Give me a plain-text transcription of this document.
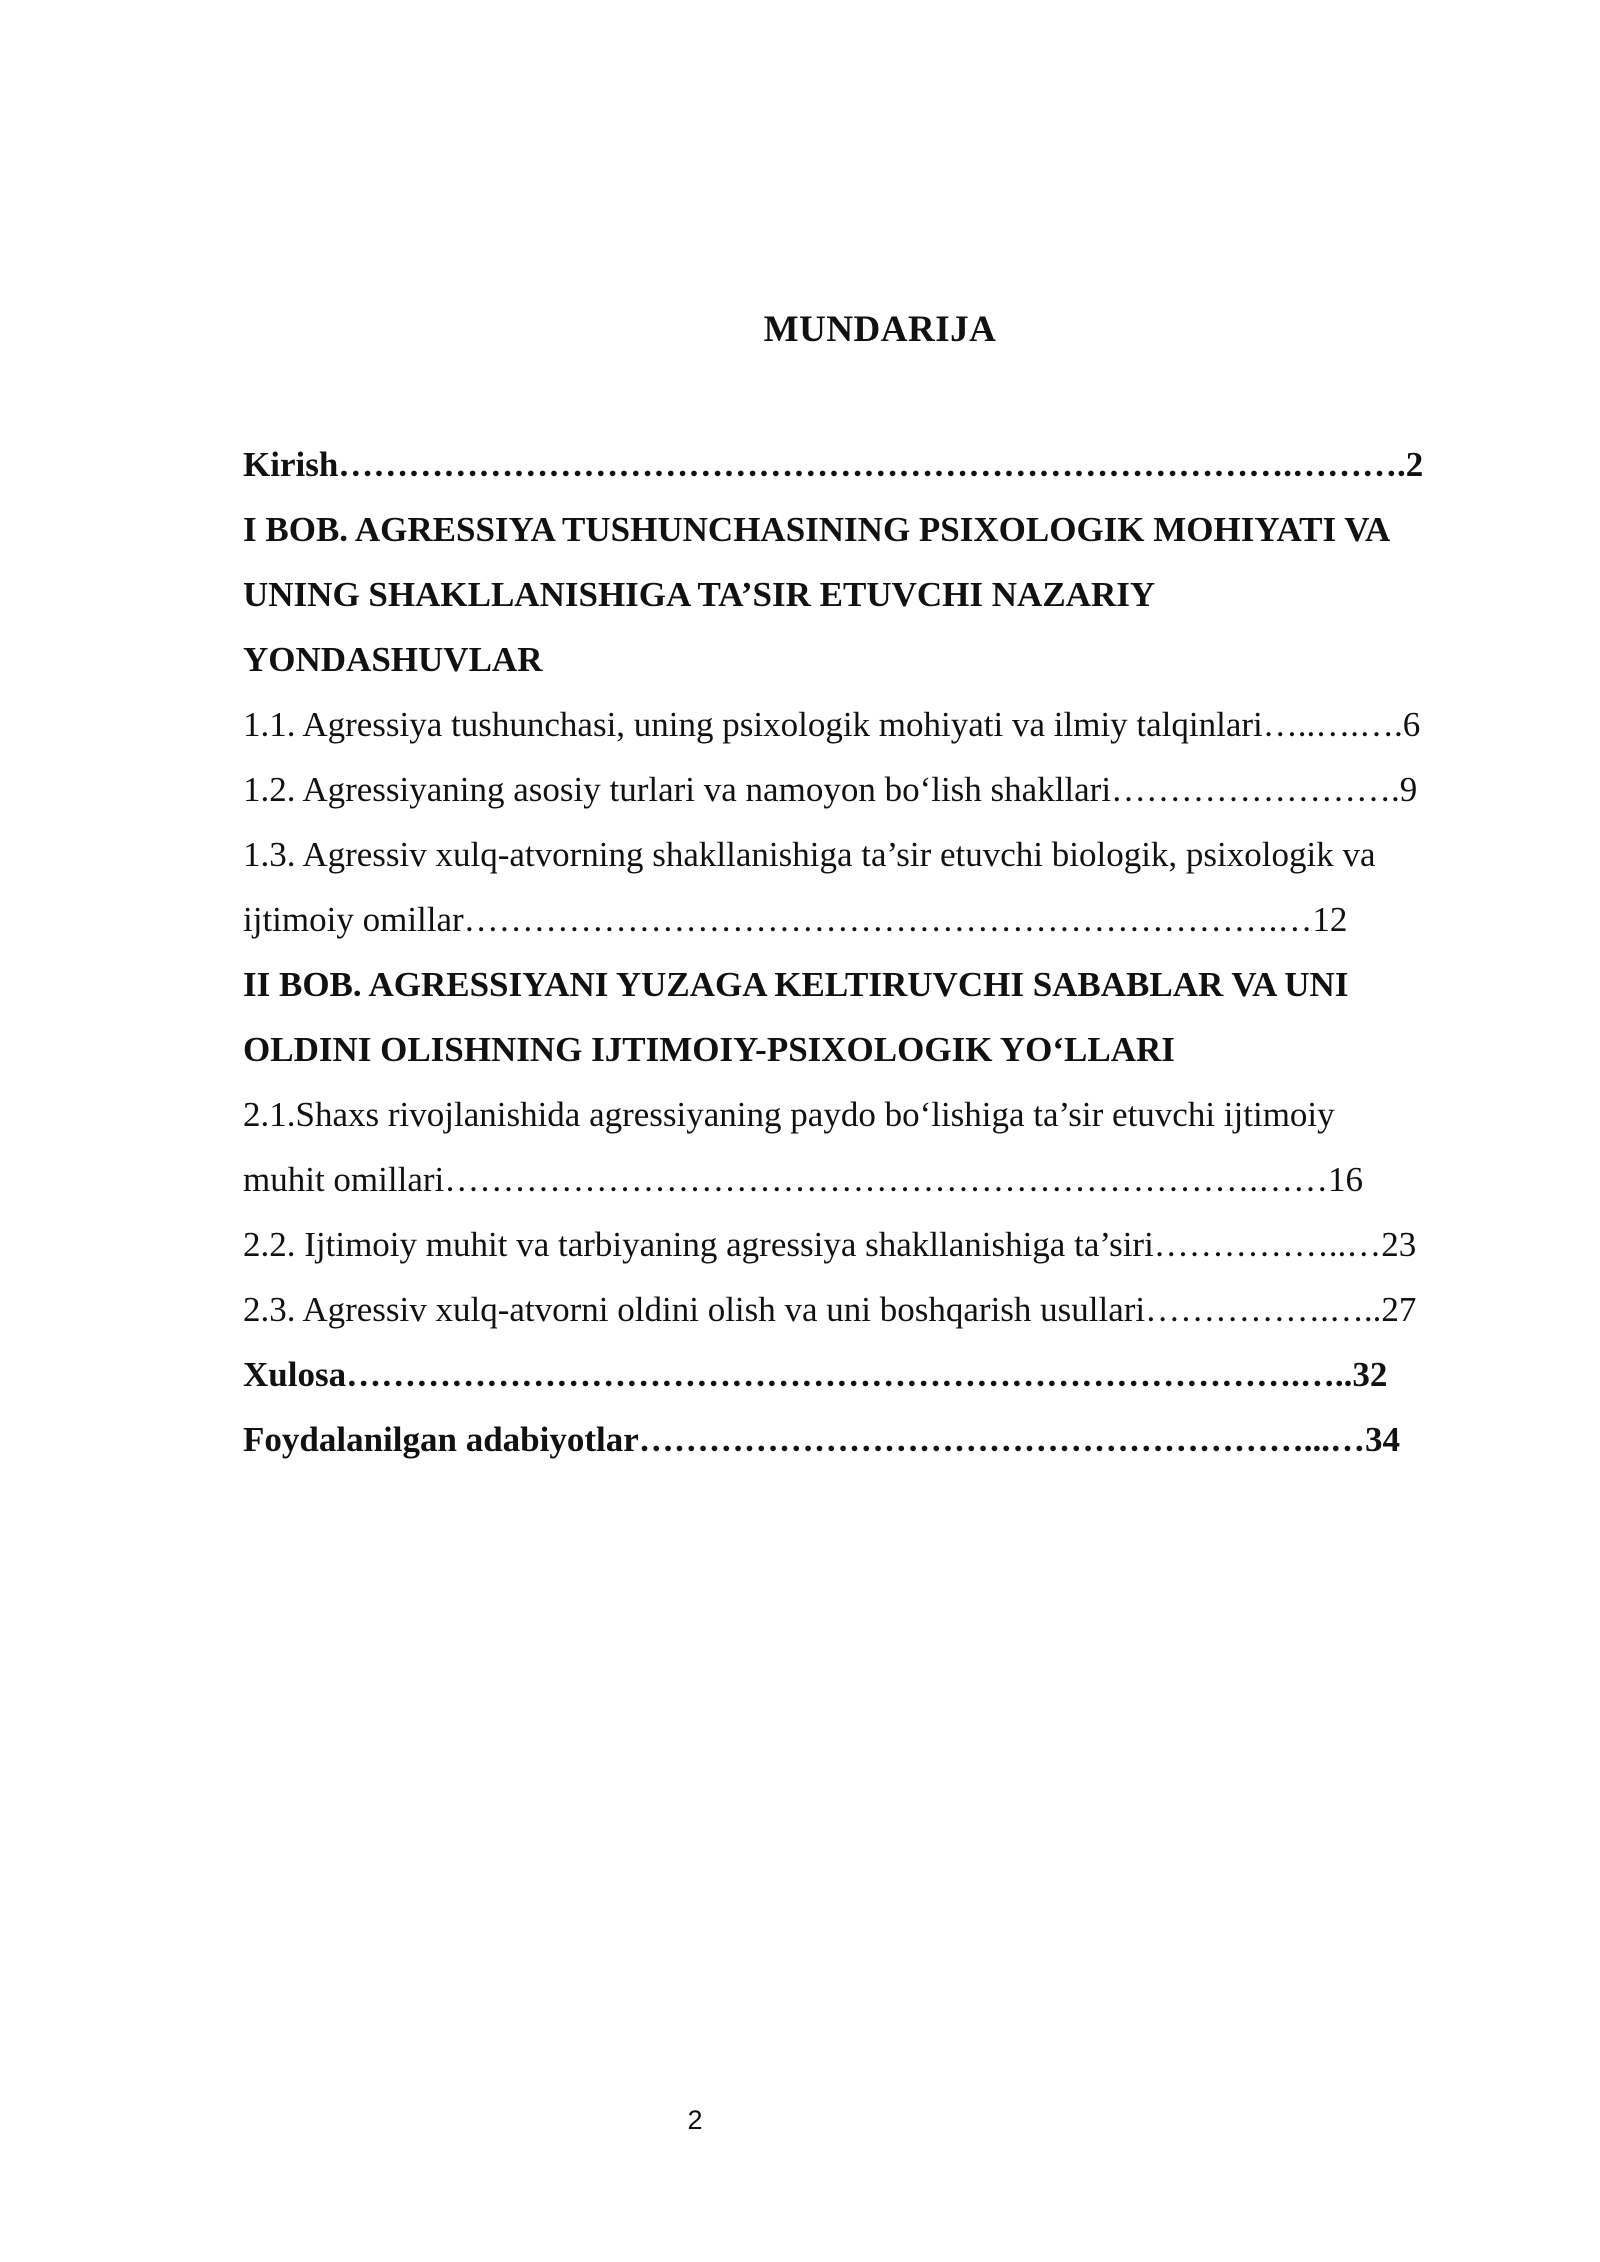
MUNDARIJA
Kirish……………………………………………………………………….……….2
I BOB. AGRESSIYA TUSHUNCHASINING PSIXOLOGIK MOHIYATI VA
UNING SHAKLLANISHIGA TA’SIR ETUVCHI NAZARIY
YONDASHUVLAR
1.1. Agressiya tushunchasi, uning psixologik mohiyati va ilmiy talqinlari…..….….6
1.2. Agressiyaning asosiy turlari va namoyon bo‘lish shakllari…………………….9
1.3. Agressiv xulq-atvorning shakllanishiga ta’sir etuvchi biologik, psixologik va
ijtimoiy omillar…………………………………………………………….…12
II BOB. AGRESSIYANI YUZAGA KELTIRUVCHI SABABLAR VA UNI
OLDINI OLISHNING IJTIMOIY-PSIXOLOGIK YO‘LLARI
2.1.Shaxs rivojlanishida agressiyaning paydo bo‘lishiga ta’sir etuvchi ijtimoiy
muhit omillari…………………………………………………………….……16
2.2. Ijtimoiy muhit va tarbiyaning agressiya shakllanishiga ta’siri……………..…23
2.3. Agressiv xulq-atvorni oldini olish va uni boshqarish usullari…………….…..27
Xulosa……………………………………………………………………….…..32
Foydalanilgan adabiyotlar…………………………………………………...…34
2
